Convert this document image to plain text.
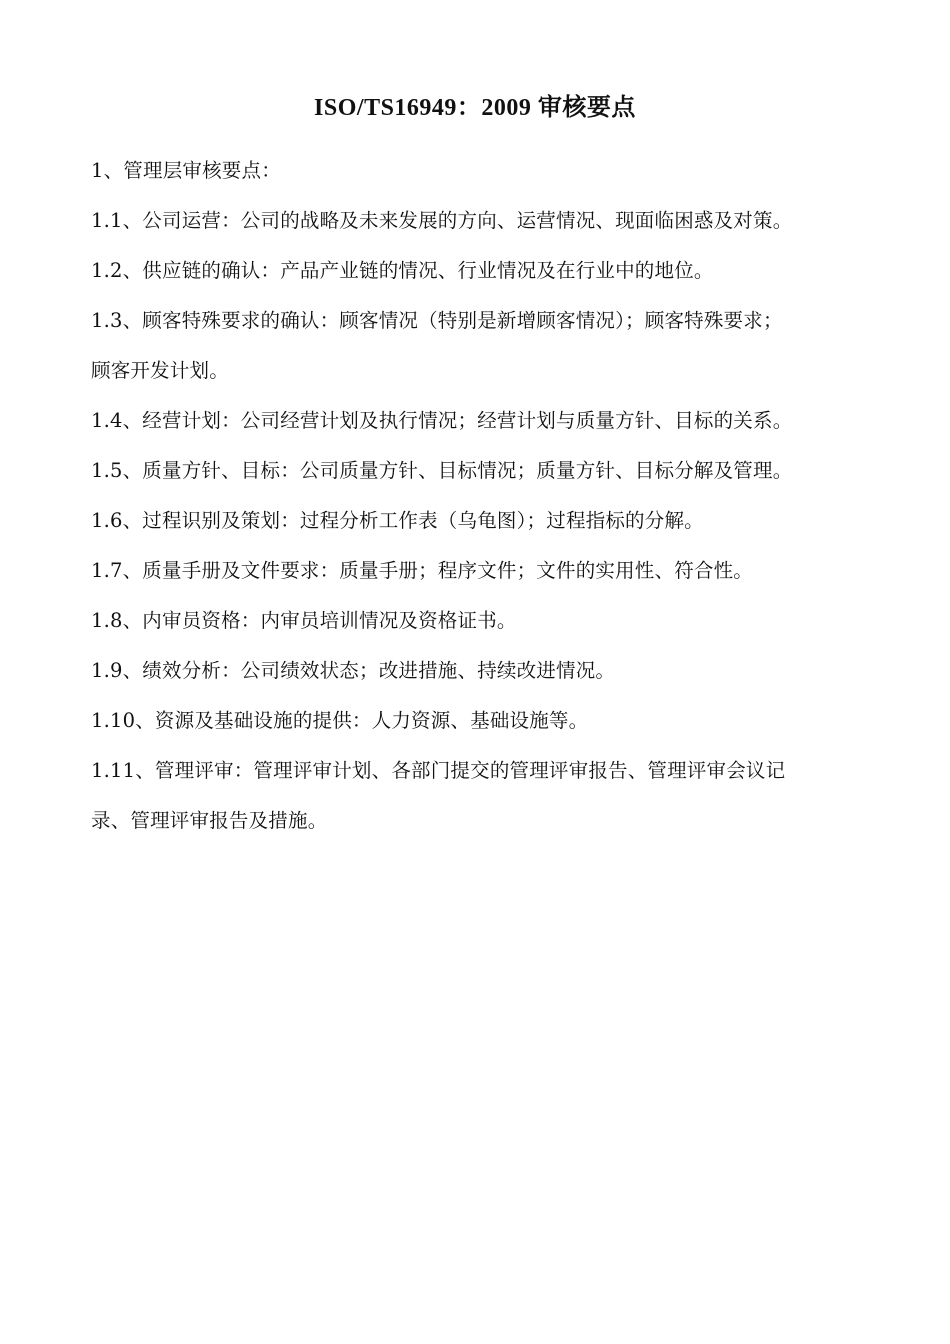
ISO/TS16949：2009 审核要点

1、管理层审核要点：

1.1、公司运营：公司的战略及未来发展的方向、运营情况、现面临困惑及对策。

1.2、供应链的确认：产品产业链的情况、行业情况及在行业中的地位。

1.3、顾客特殊要求的确认：顾客情况（特别是新增顾客情况）；顾客特殊要求；

顾客开发计划。

1.4、经营计划：公司经营计划及执行情况；经营计划与质量方针、目标的关系。

1.5、质量方针、目标：公司质量方针、目标情况；质量方针、目标分解及管理。

1.6、过程识别及策划：过程分析工作表（乌龟图）；过程指标的分解。

1.7、质量手册及文件要求：质量手册；程序文件；文件的实用性、符合性。

1.8、内审员资格：内审员培训情况及资格证书。

1.9、绩效分析：公司绩效状态；改进措施、持续改进情况。

1.10、资源及基础设施的提供：人力资源、基础设施等。

1.11、管理评审：管理评审计划、各部门提交的管理评审报告、管理评审会议记

录、管理评审报告及措施。
